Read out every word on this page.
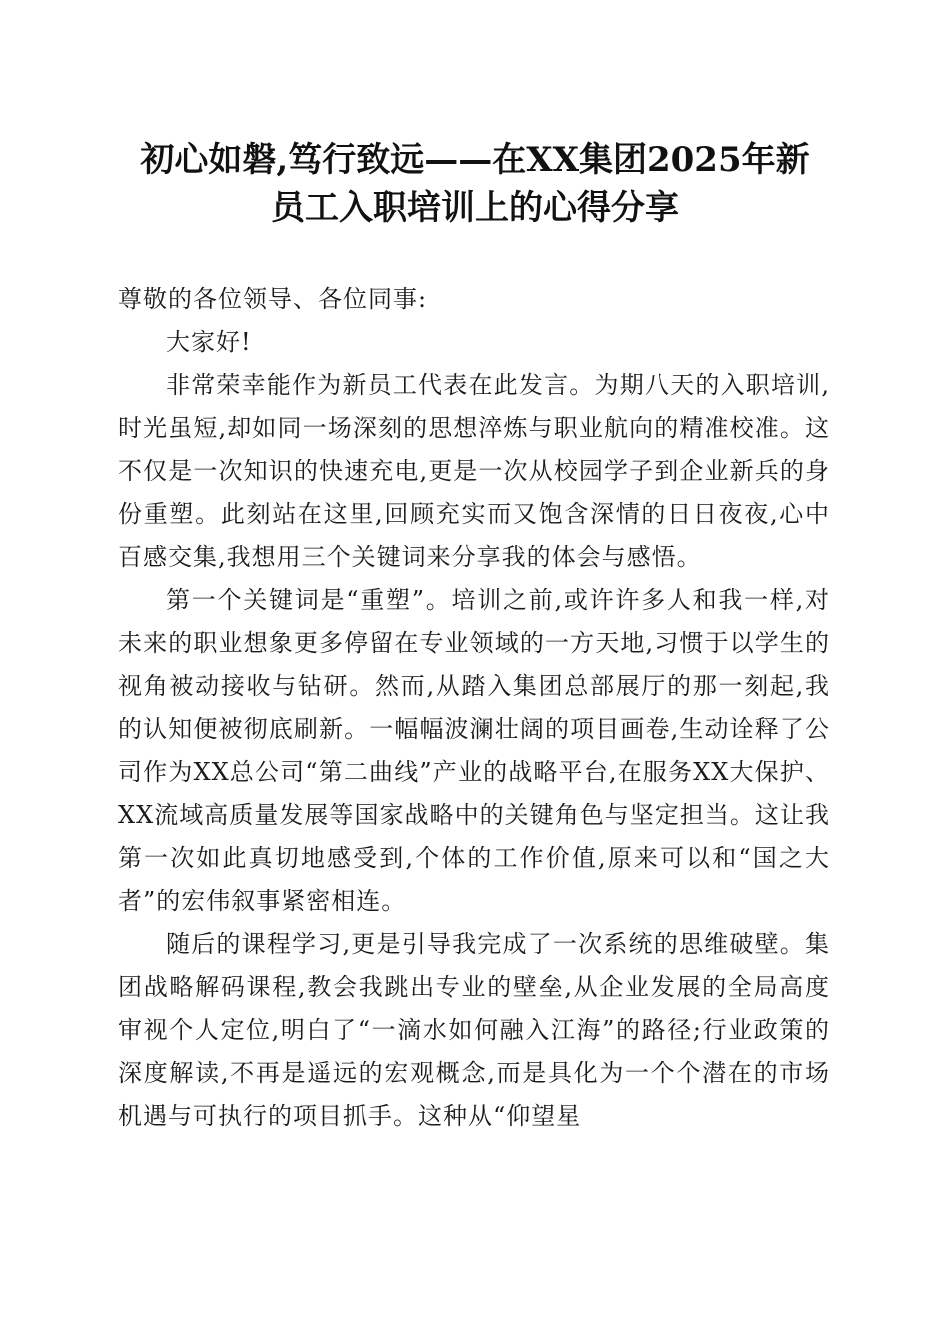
初心如磐,笃行致远——在XX集团2025年新
员工入职培训上的心得分享

尊敬的各位领导、各位同事:

大家好!

非常荣幸能作为新员工代表在此发言。为期八天的入职培训,时光虽短,却如同一场深刻的思想淬炼与职业航向的精准校准。这不仅是一次知识的快速充电,更是一次从校园学子到企业新兵的身份重塑。此刻站在这里,回顾充实而又饱含深情的日日夜夜,心中百感交集,我想用三个关键词来分享我的体会与感悟。

第一个关键词是“重塑”。培训之前,或许许多人和我一样,对未来的职业想象更多停留在专业领域的一方天地,习惯于以学生的视角被动接收与钻研。然而,从踏入集团总部展厅的那一刻起,我的认知便被彻底刷新。一幅幅波澜壮阔的项目画卷,生动诠释了公司作为XX总公司“第二曲线”产业的战略平台,在服务XX大保护、XX流域高质量发展等国家战略中的关键角色与坚定担当。这让我第一次如此真切地感受到,个体的工作价值,原来可以和“国之大者”的宏伟叙事紧密相连。

随后的课程学习,更是引导我完成了一次系统的思维破壁。集团战略解码课程,教会我跳出专业的壁垒,从企业发展的全局高度审视个人定位,明白了“一滴水如何融入江海”的路径;行业政策的深度解读,不再是遥远的宏观概念,而是具化为一个个潜在的市场机遇与可执行的项目抓手。这种从“仰望星
